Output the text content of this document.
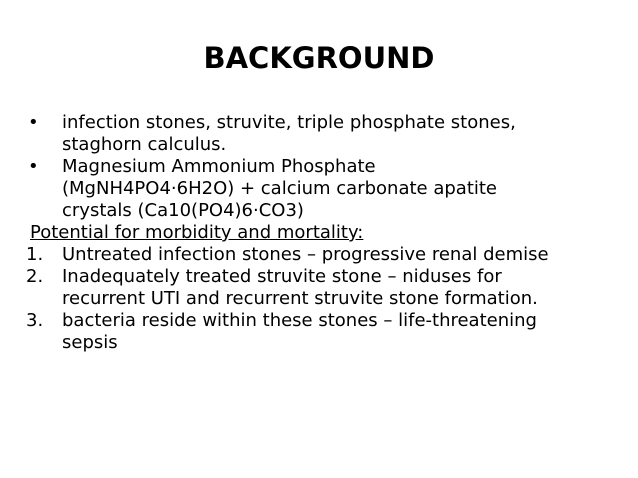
BACKGROUND
•	infection stones, struvite, triple phosphate stones,
staghorn calculus.
•	Magnesium Ammonium Phosphate
(MgNH4PO4·6H2O) + calcium carbonate apatite
crystals (Ca10(PO4)6·CO3)
Potential for morbidity and mortality:
1.	Untreated infection stones – progressive renal demise
2.	Inadequately treated struvite stone – niduses for
recurrent UTI and recurrent struvite stone formation.
3.	bacteria reside within these stones – life-threatening
sepsis
